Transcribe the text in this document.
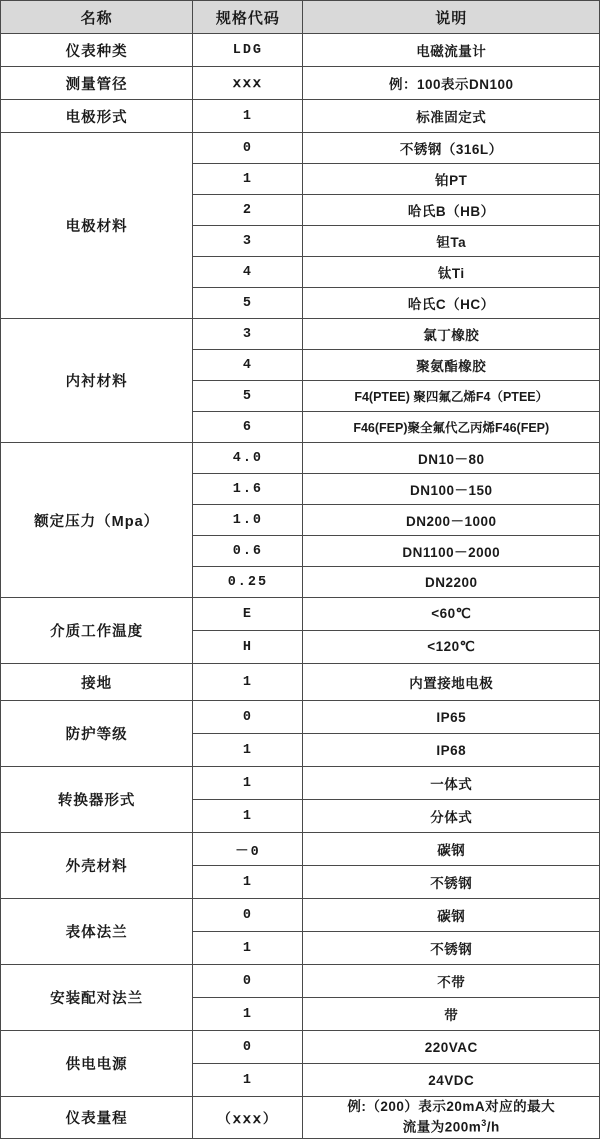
名称	规格代码	说明
仪表种类	LDG	电磁流量计
测量管径	ⅹⅹⅹ	例：100表示DN100
电极形式	1	标准固定式
电极材料	0	不锈钢（316L）
	1	铂PT
	2	哈氏B（HB）
	3	钽Ta
	4	钛Ti
	5	哈氏C（HC）
内衬材料	3	氯丁橡胶
	4	聚氨酯橡胶
	5	F4(PTEE) 聚四氟乙烯F4（PTEE）
	6	F46(FEP)聚全氟代乙丙烯F46(FEP)
额定压力（Mpa）	4.0	DN10－80
	1.6	DN100－150
	1.0	DN200－1000
	0.6	DN1100－2000
	0.25	DN2200
介质工作温度	E	<60℃
	H	<120℃
接地	1	内置接地电极
防护等级	0	IP65
	1	IP68
转换器形式	1	一体式
	1	分体式
外壳材料	－0	碳钢
	1	不锈钢
表体法兰	0	碳钢
	1	不锈钢
安装配对法兰	0	不带
	1	带
供电电源	0	220VAC
	1	24VDC
仪表量程	（ⅹⅹⅹ）	例:（200）表示20mA对应的最大
流量为$200m^3/h$
